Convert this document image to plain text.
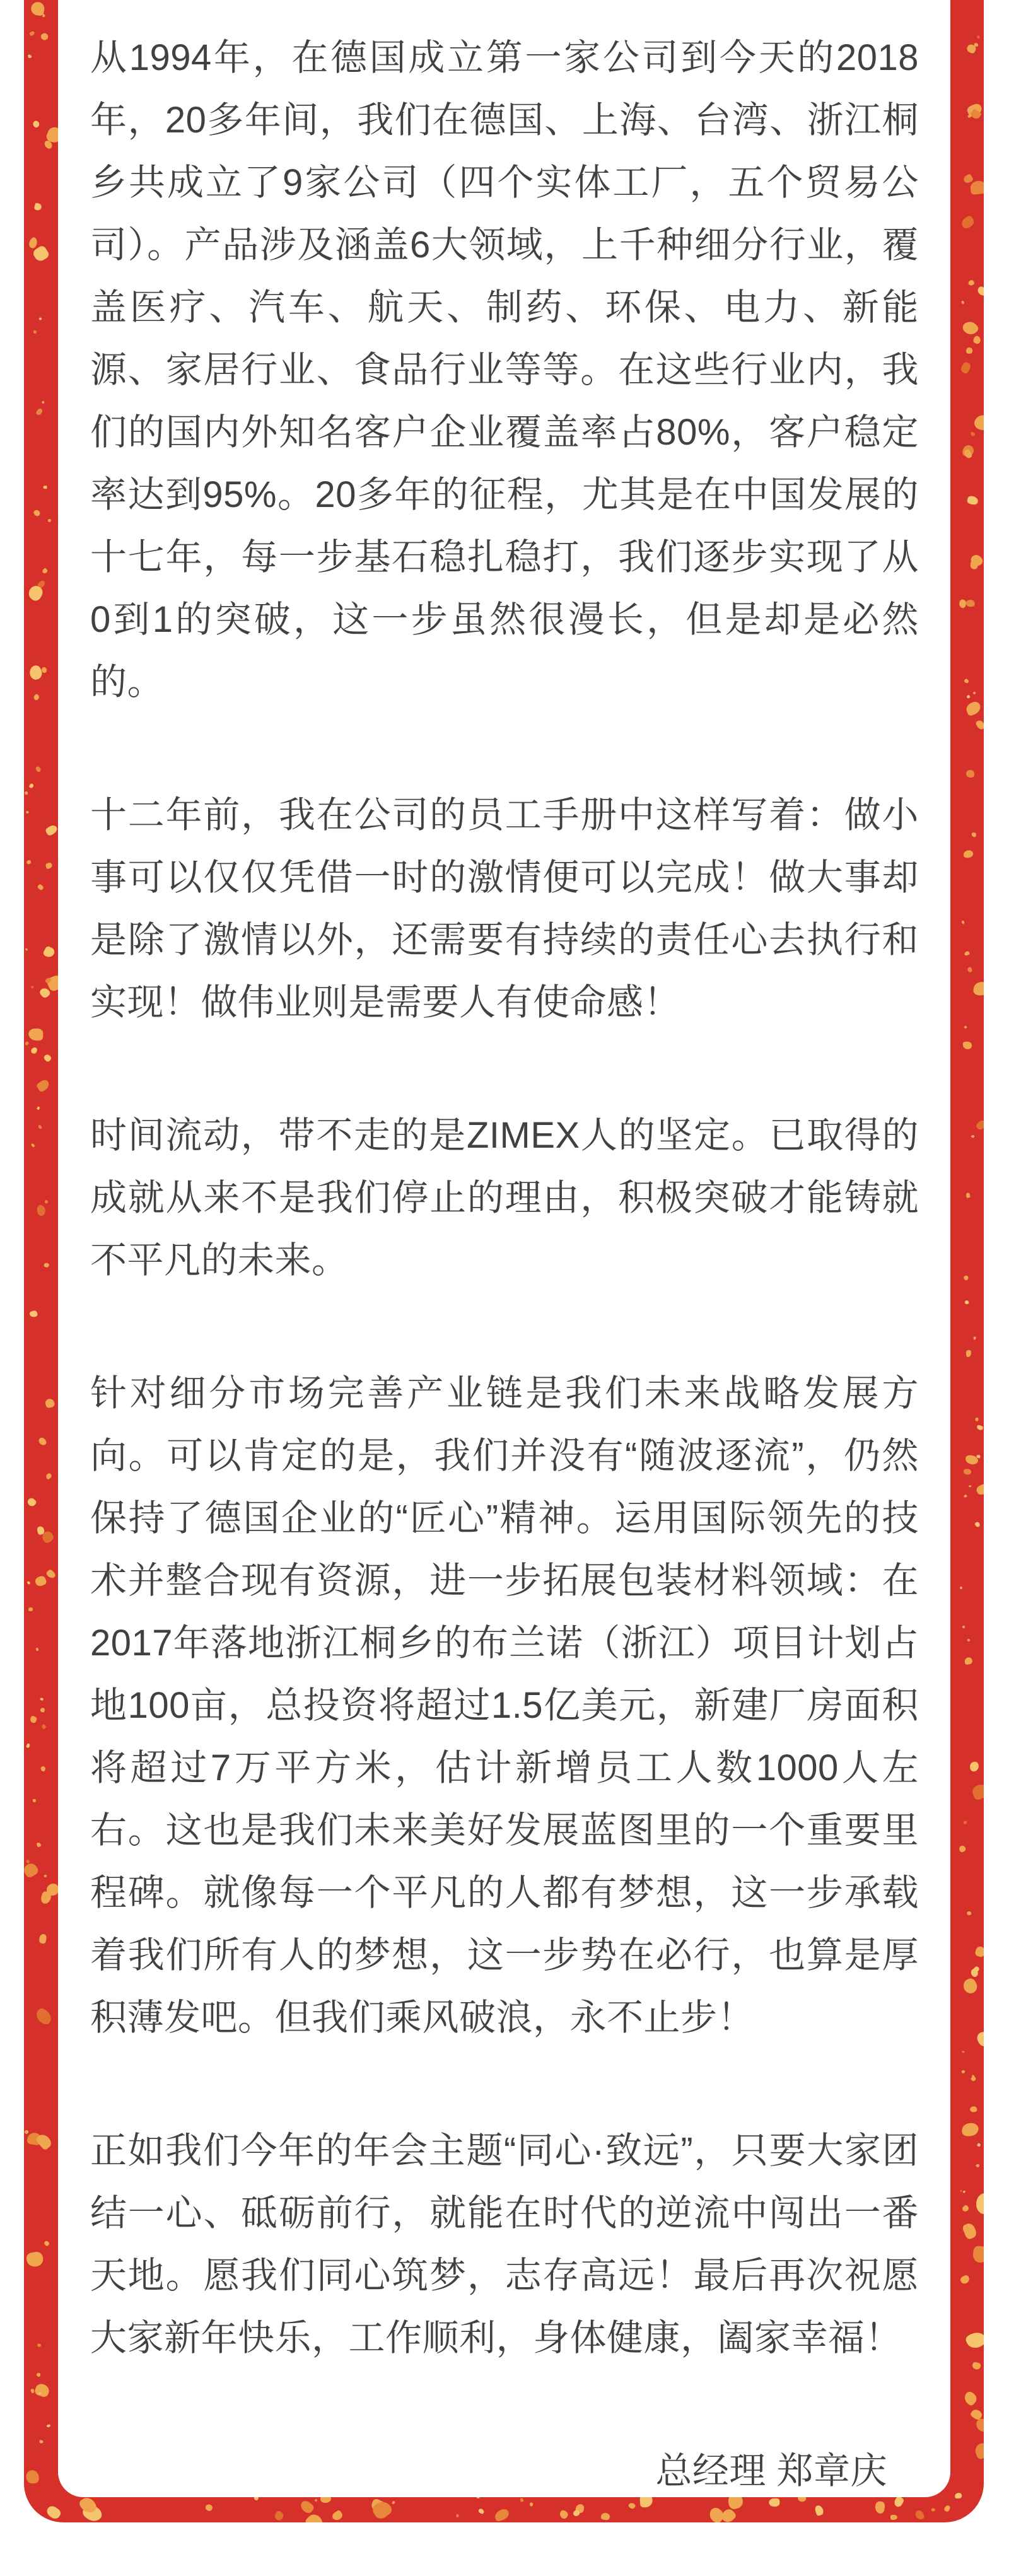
从1994年，在德国成立第一家公司到今天的2018年，20多年间，我们在德国、上海、台湾、浙江桐乡共成立了9家公司（四个实体工厂，五个贸易公司）。产品涉及涵盖6大领域，上千种细分行业，覆盖医疗、汽车、航天、制药、环保、电力、新能源、家居行业、食品行业等等。在这些行业内，我们的国内外知名客户企业覆盖率占80%，客户稳定率达到95%。20多年的征程，尤其是在中国发展的十七年，每一步基石稳扎稳打，我们逐步实现了从0到1的突破，这一步虽然很漫长，但是却是必然的。

十二年前，我在公司的员工手册中这样写着：做小事可以仅仅凭借一时的激情便可以完成！做大事却是除了激情以外，还需要有持续的责任心去执行和实现！做伟业则是需要人有使命感！

时间流动，带不走的是ZIMEX人的坚定。已取得的成就从来不是我们停止的理由，积极突破才能铸就不平凡的未来。

针对细分市场完善产业链是我们未来战略发展方向。可以肯定的是，我们并没有“随波逐流”，仍然保持了德国企业的“匠心”精神。运用国际领先的技术并整合现有资源，进一步拓展包装材料领域：在2017年落地浙江桐乡的布兰诺（浙江）项目计划占地100亩，总投资将超过1.5亿美元，新建厂房面积将超过7万平方米，估计新增员工人数1000人左右。这也是我们未来美好发展蓝图里的一个重要里程碑。就像每一个平凡的人都有梦想，这一步承载着我们所有人的梦想，这一步势在必行，也算是厚积薄发吧。但我们乘风破浪，永不止步！

正如我们今年的年会主题“同心·致远”，只要大家团结一心、砥砺前行，就能在时代的逆流中闯出一番天地。愿我们同心筑梦，志存高远！最后再次祝愿大家新年快乐，工作顺利，身体健康，阖家幸福！

总经理 郑章庆
